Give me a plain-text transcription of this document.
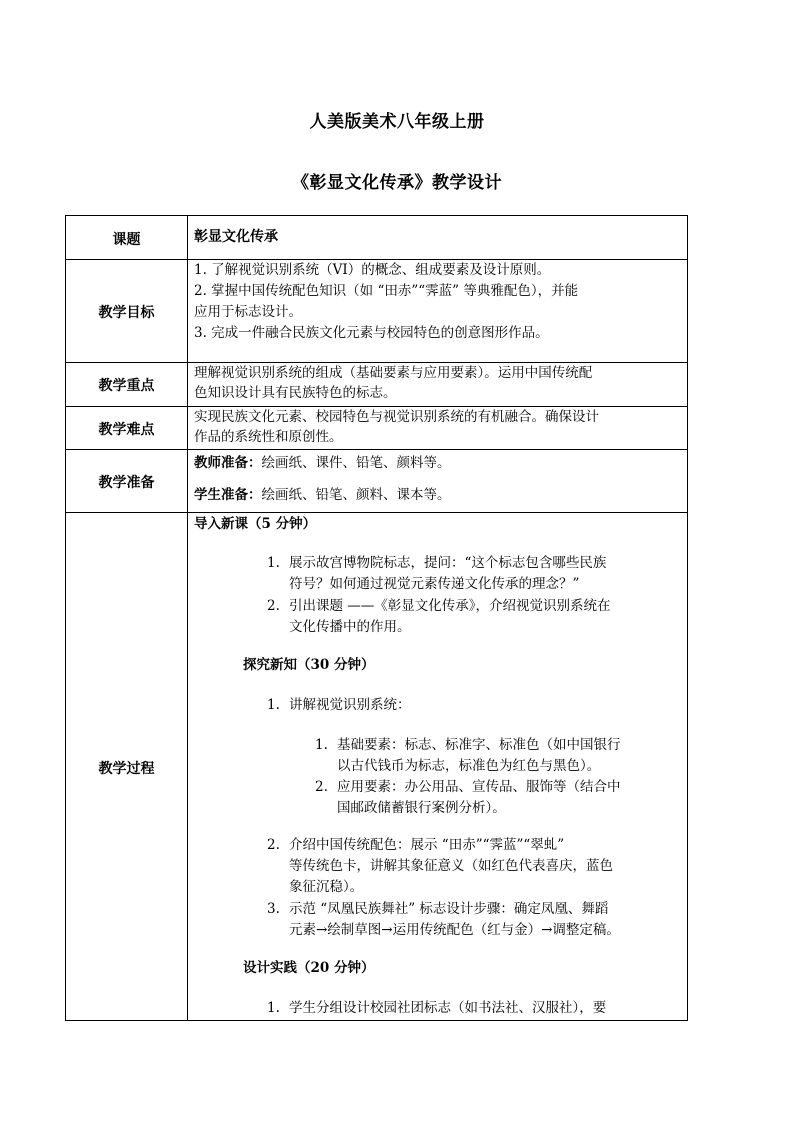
人美版美术八年级上册
《彰显文化传承》教学设计
课题	彰显文化传承
教学目标
1. 了解视觉识别系统（VI）的概念、组成要素及设计原则。
2. 掌握中国传统配色知识（如 “田赤”“霁蓝” 等典雅配色），并能
应用于标志设计。
3. 完成一件融合民族文化元素与校园特色的创意图形作品。
教学重点
理解视觉识别系统的组成（基础要素与应用要素）。运用中国传统配
色知识设计具有民族特色的标志。
教学难点
实现民族文化元素、校园特色与视觉识别系统的有机融合。确保设计
作品的系统性和原创性。
教学准备
教师准备：绘画纸、课件、铅笔、颜料等。
学生准备：绘画纸、铅笔、颜料、课本等。
教学过程
导入新课（5 分钟）
1. 展示故宫博物院标志，提问：“这个标志包含哪些民族
符号？如何通过视觉元素传递文化传承的理念？”
2. 引出课题 ——《彰显文化传承》，介绍视觉识别系统在
文化传播中的作用。
探究新知（30 分钟）
1. 讲解视觉识别系统：
1. 基础要素：标志、标准字、标准色（如中国银行
以古代钱币为标志，标准色为红色与黑色）。
2. 应用要素：办公用品、宣传品、服饰等（结合中
国邮政储蓄银行案例分析）。
2. 介绍中国传统配色：展示 “田赤”“霁蓝”“翠虬”
等传统色卡，讲解其象征意义（如红色代表喜庆，蓝色
象征沉稳）。
3. 示范 “凤凰民族舞社” 标志设计步骤：确定凤凰、舞蹈
元素→绘制草图→运用传统配色（红与金）→调整定稿。
设计实践（20 分钟）
1. 学生分组设计校园社团标志（如书法社、汉服社），要
